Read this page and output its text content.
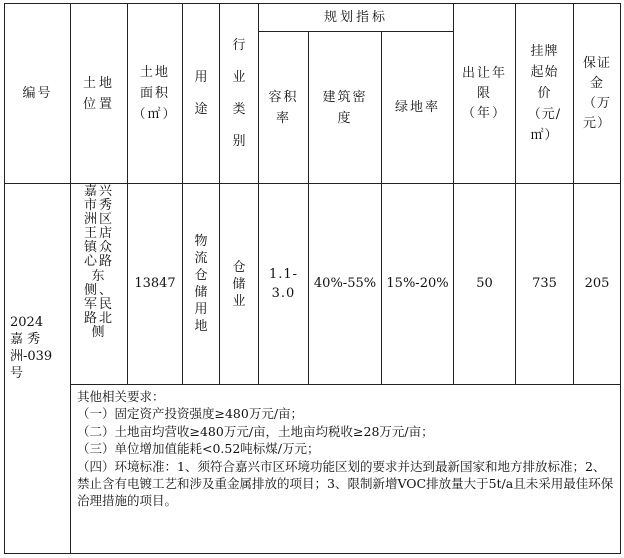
编号
土地
位置
土地
面积
（㎡）
用
途
行
业
类
别
规划指标
容积
率
建筑密
度
绿地率
出让年
限
（年）
挂牌
起始
价
（元/
㎡）
保证
金
（万
元）
2024
嘉 秀
洲-039
号
嘉兴市秀洲区王店镇众心路东侧、军民路北侧
13847
物流仓储用地
仓储业
1.1-
3.0
40%-55% 15%-20% 50	735 205
其他相关要求：
（一）固定资产投资强度≥480万元/亩；
（二）土地亩均营收≥480万元/亩，土地亩均税收≥28万元/亩；
（三）单位增加值能耗<0.52吨标煤/万元；
（四）环境标准：1、须符合嘉兴市区环境功能区划的要求并达到最新国家和地方排放标准；2、禁止含有电镀工艺和涉及重金属排放的项目；3、限制新增VOC排放量大于5t/a且未采用最佳环保治理措施的项目。
